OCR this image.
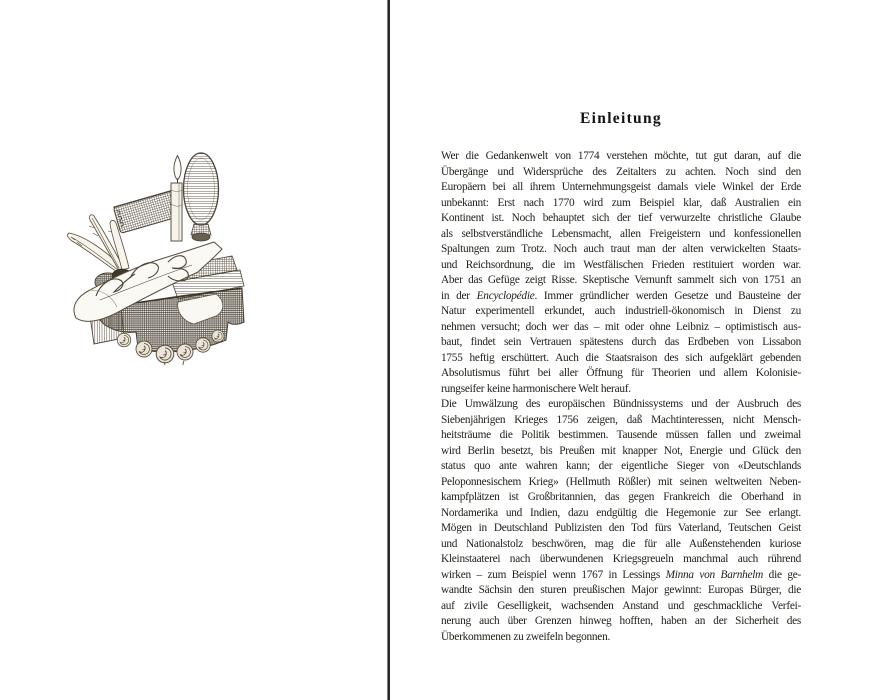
Einleitung
Wer die Gedankenwelt von 1774 verstehen möchte, tut gut daran, auf die
Übergänge und Widersprüche des Zeitalters zu achten. Noch sind den
Europäern bei all ihrem Unternehmungsgeist damals viele Winkel der Erde
unbekannt: Erst nach 1770 wird zum Beispiel klar, daß Australien ein
Kontinent ist. Noch behauptet sich der tief verwurzelte christliche Glaube
als selbstverständliche Lebensmacht, allen Freigeistern und konfessionellen
Spaltungen zum Trotz. Noch auch traut man der alten verwickelten Staats-
und Reichsordnung, die im Westfälischen Frieden restituiert worden war.
Aber das Gefüge zeigt Risse. Skeptische Vernunft sammelt sich von 1751 an
in der Encyclopédie. Immer gründlicher werden Gesetze und Bausteine der
Natur experimentell erkundet, auch industriell-ökonomisch in Dienst zu
nehmen versucht; doch wer das – mit oder ohne Leibniz – optimistisch aus-
baut, findet sein Vertrauen spätestens durch das Erdbeben von Lissabon
1755 heftig erschüttert. Auch die Staatsraison des sich aufgeklärt gebenden
Absolutismus führt bei aller Öffnung für Theorien und allem Kolonisie-
rungseifer keine harmonischere Welt herauf.
Die Umwälzung des europäischen Bündnissystems und der Ausbruch des
Siebenjährigen Krieges 1756 zeigen, daß Machtinteressen, nicht Mensch-
heitsträume die Politik bestimmen. Tausende müssen fallen und zweimal
wird Berlin besetzt, bis Preußen mit knapper Not, Energie und Glück den
status quo ante wahren kann; der eigentliche Sieger von «Deutschlands
Peloponnesischem Krieg» (Hellmuth Rößler) mit seinen weltweiten Neben-
kampfplätzen ist Großbritannien, das gegen Frankreich die Oberhand in
Nordamerika und Indien, dazu endgültig die Hegemonie zur See erlangt.
Mögen in Deutschland Publizisten den Tod fürs Vaterland, Teutschen Geist
und Nationalstolz beschwören, mag die für alle Außenstehenden kuriose
Kleinstaaterei nach überwundenen Kriegsgreueln manchmal auch rührend
wirken – zum Beispiel wenn 1767 in Lessings Minna von Barnhelm die ge-
wandte Sächsin den sturen preußischen Major gewinnt: Europas Bürger, die
auf zivile Geselligkeit, wachsenden Anstand und geschmackliche Verfei-
nerung auch über Grenzen hinweg hofften, haben an der Sicherheit des
Überkommenen zu zweifeln begonnen.
